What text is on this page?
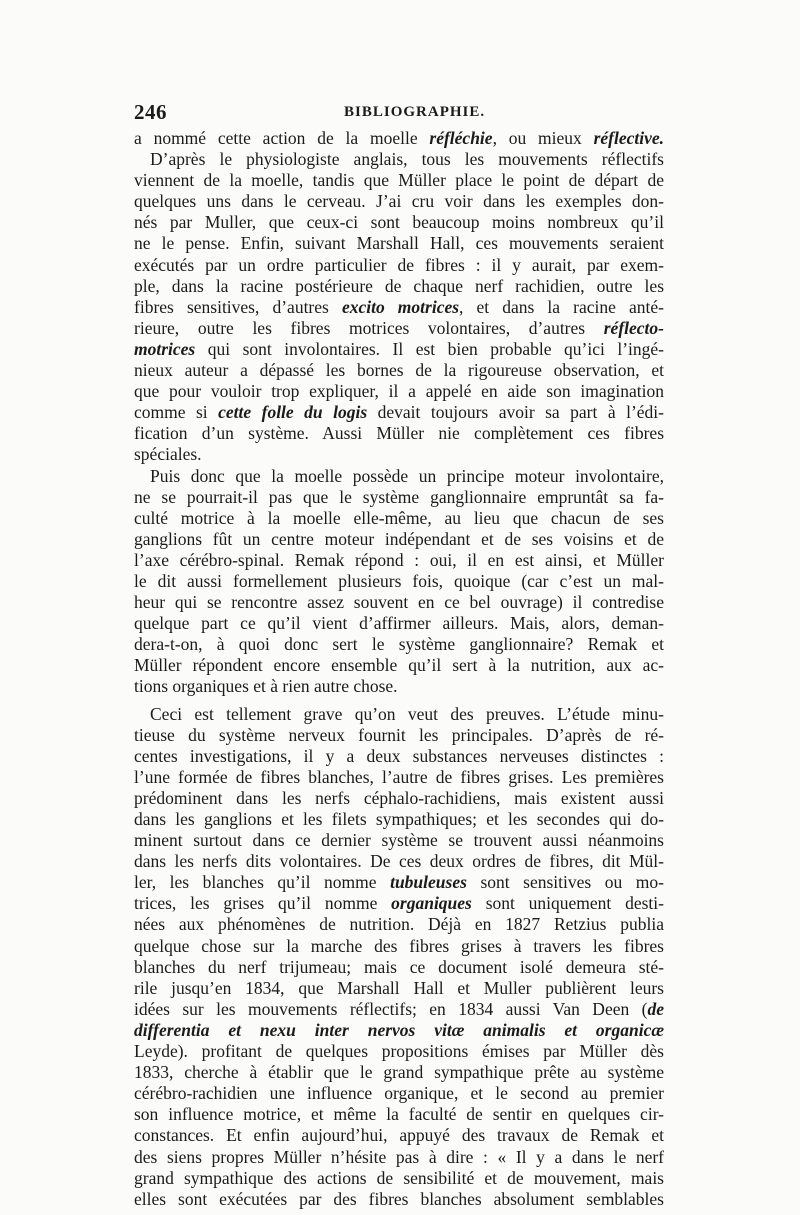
246	BIBLIOGRAPHIE.
a nommé cette action de la moelle réfléchie, ou mieux réflective.
D’après le physiologiste anglais, tous les mouvements réflectifs
viennent de la moelle, tandis que Müller place le point de départ de
quelques uns dans le cerveau. J’ai cru voir dans les exemples don-
nés par Muller, que ceux-ci sont beaucoup moins nombreux qu’il
ne le pense. Enfin, suivant Marshall Hall, ces mouvements seraient
exécutés par un ordre particulier de fibres : il y aurait, par exem-
ple, dans la racine postérieure de chaque nerf rachidien, outre les
fibres sensitives, d’autres excito motrices, et dans la racine anté-
rieure, outre les fibres motrices volontaires, d’autres réflecto-
motrices qui sont involontaires. Il est bien probable qu’ici l’ingé-
nieux auteur a dépassé les bornes de la rigoureuse observation, et
que pour vouloir trop expliquer, il a appelé en aide son imagination
comme si cette folle du logis devait toujours avoir sa part à l’édi-
fication d’un système. Aussi Müller nie complètement ces fibres
spéciales.
Puis donc que la moelle possède un principe moteur involontaire,
ne se pourrait-il pas que le système ganglionnaire empruntât sa fa-
culté motrice à la moelle elle-même, au lieu que chacun de ses
ganglions fût un centre moteur indépendant et de ses voisins et de
l’axe cérébro-spinal. Remak répond : oui, il en est ainsi, et Müller
le dit aussi formellement plusieurs fois, quoique (car c’est un mal-
heur qui se rencontre assez souvent en ce bel ouvrage) il contredise
quelque part ce qu’il vient d’affirmer ailleurs. Mais, alors, deman-
dera-t-on, à quoi donc sert le système ganglionnaire? Remak et
Müller répondent encore ensemble qu’il sert à la nutrition, aux ac-
tions organiques et à rien autre chose.
Ceci est tellement grave qu’on veut des preuves. L’étude minu-
tieuse du système nerveux fournit les principales. D’après de ré-
centes investigations, il y a deux substances nerveuses distinctes :
l’une formée de fibres blanches, l’autre de fibres grises. Les premières
prédominent dans les nerfs céphalo-rachidiens, mais existent aussi
dans les ganglions et les filets sympathiques; et les secondes qui do-
minent surtout dans ce dernier système se trouvent aussi néanmoins
dans les nerfs dits volontaires. De ces deux ordres de fibres, dit Mül-
ler, les blanches qu’il nomme tubuleuses sont sensitives ou mo-
trices, les grises qu’il nomme organiques sont uniquement desti-
nées aux phénomènes de nutrition. Déjà en 1827 Retzius publia
quelque chose sur la marche des fibres grises à travers les fibres
blanches du nerf trijumeau; mais ce document isolé demeura sté-
rile jusqu’en 1834, que Marshall Hall et Muller publièrent leurs
idées sur les mouvements réflectifs; en 1834 aussi Van Deen (de
differentia et nexu inter nervos vitæ animalis et organicæ
Leyde). profitant de quelques propositions émises par Müller dès
1833, cherche à établir que le grand sympathique prête au système
cérébro-rachidien une influence organique, et le second au premier
son influence motrice, et même la faculté de sentir en quelques cir-
constances. Et enfin aujourd’hui, appuyé des travaux de Remak et
des siens propres Müller n’hésite pas à dire : « Il y a dans le nerf
grand sympathique des actions de sensibilité et de mouvement, mais
elles sont exécutées par des fibres blanches absolument semblables
